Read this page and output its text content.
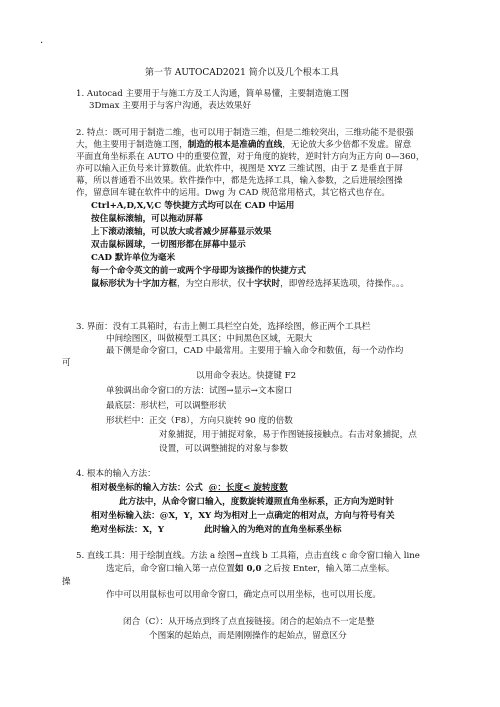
·
第一节 AUTOCAD2021 简介以及几个根本工具
1. Autocad 主要用于与施工方及工人沟通，简单易懂，主要制造施工图
3Dmax 主要用于与客户沟通，表达效果好
2. 特点：既可用于制造二维，也可以用于制造三维，但是二维较突出，三维功能不是很强
大，他主要用于制造施工图，制造的根本是准确的直线，无论放大多少倍都不发虚。留意
平面直角坐标系在 AUTO 中的重要位置，对于角度的旋转，逆时针方向为正方向 0—360，
亦可以输入正负号来计算数值。此软件中，视图是 XYZ 三维试图，由于 Z 是垂直于屏
幕，所以普通看不出效果。软件操作中，都是先选择工具，输入参数，之后进展绘图操
作，留意回车键在软件中的运用。Dwg 为 CAD 规范常用格式，其它格式也存在。
Ctrl+A,D,X,V,C 等快捷方式均可以在 CAD 中运用
按住鼠标滚轴，可以拖动屏幕
上下滚动滚轴，可以放大或者减少屏幕显示效果
双击鼠标圆球，一切图形都在屏幕中显示
CAD 默许单位为毫米
每一个命令英文的前一或两个字母即为该操作的快捷方式
鼠标形状为十字加方框，为空白形状，仅十字状时，即曾经选择某选项，待操作。。。
3. 界面：没有工具箱时，右击上侧工具栏空白处，选择绘图，修正两个工具栏
中间绘图区，叫做模型工具区；中间黑色区域，无限大
最下侧是命令窗口，CAD 中最常用。主要用于输入命令和数值，每一个动作均
可
以用命令表达。快捷键 F2
单独调出命令窗口的方法：试图→显示→文本窗口
最底层：形状栏，可以调整形状
形状栏中：正交（F8），方向只旋转 90 度的倍数
对象捕捉，用于捕捉对象，易于作图链接接触点。右击对象捕捉，点
设置，可以调整捕捉的对象与参数
4. 根本的输入方法：
相对极坐标的输入方法：公式 @：长度< 旋转度数
此方法中，从命令窗口输入，度数旋转遵照直角坐标系，正方向为逆时针
相对坐标输入法：@X，Y，XY 均为相对上一点确定的相对点，方向与符号有关
绝对坐标法：X，Y	此时输入的为绝对的直角坐标系坐标
5. 直线工具：用于绘制直线。方法 a 绘图→直线 b 工具箱，点击直线 c 命令窗口输入 line
选定后，命令窗口输入第一点位置如 0,0 之后按 Enter，输入第二点坐标。
操
作中可以用鼠标也可以用命令窗口，确定点可以用坐标，也可以用长度。
闭合（C）：从开场点到终了点直接链接。闭合的起始点不一定是整
个图案的起始点，而是刚刚操作的起始点，留意区分
